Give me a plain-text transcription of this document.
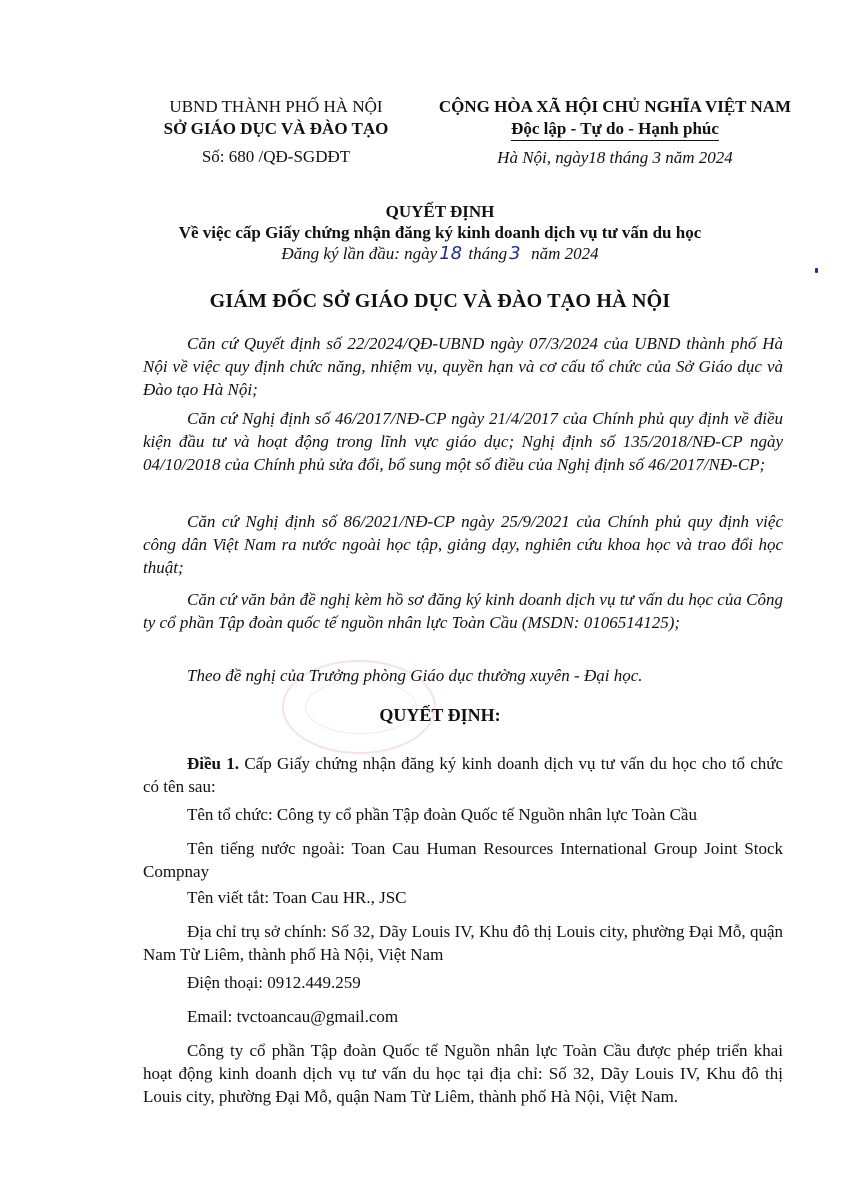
UBND THÀNH PHỐ HÀ NỘI
SỞ GIÁO DỤC VÀ ĐÀO TẠO
Số: 680 /QĐ-SGDĐT
CỘNG HÒA XÃ HỘI CHỦ NGHĨA VIỆT NAM
Độc lập - Tự do - Hạnh phúc
Hà Nội, ngày18 tháng 3 năm 2024
QUYẾT ĐỊNH
Về việc cấp Giấy chứng nhận đăng ký kinh doanh dịch vụ tư vấn du học
Đăng ký lần đầu: ngày 18 tháng 3 năm 2024
GIÁM ĐỐC SỞ GIÁO DỤC VÀ ĐÀO TẠO HÀ NỘI
Căn cứ Quyết định số 22/2024/QĐ-UBND ngày 07/3/2024 của UBND thành phố Hà Nội về việc quy định chức năng, nhiệm vụ, quyền hạn và cơ cấu tổ chức của Sở Giáo dục và Đào tạo Hà Nội;
Căn cứ Nghị định số 46/2017/NĐ-CP ngày 21/4/2017 của Chính phủ quy định về điều kiện đầu tư và hoạt động trong lĩnh vực giáo dục; Nghị định số 135/2018/NĐ-CP ngày 04/10/2018 của Chính phủ sửa đổi, bổ sung một số điều của Nghị định số 46/2017/NĐ-CP;
Căn cứ Nghị định số 86/2021/NĐ-CP ngày 25/9/2021 của Chính phủ quy định việc công dân Việt Nam ra nước ngoài học tập, giảng dạy, nghiên cứu khoa học và trao đổi học thuật;
Căn cứ văn bản đề nghị kèm hồ sơ đăng ký kinh doanh dịch vụ tư vấn du học của Công ty cổ phần Tập đoàn quốc tế nguồn nhân lực Toàn Cầu (MSDN: 0106514125);
Theo đề nghị của Trưởng phòng Giáo dục thường xuyên - Đại học.
QUYẾT ĐỊNH:
Điều 1. Cấp Giấy chứng nhận đăng ký kinh doanh dịch vụ tư vấn du học cho tổ chức có tên sau:
Tên tổ chức: Công ty cổ phần Tập đoàn Quốc tế Nguồn nhân lực Toàn Cầu
Tên tiếng nước ngoài: Toan Cau Human Resources International Group Joint Stock Compnay
Tên viết tắt: Toan Cau HR., JSC
Địa chỉ trụ sở chính: Số 32, Dãy Louis IV, Khu đô thị Louis city, phường Đại Mỗ, quận Nam Từ Liêm, thành phố Hà Nội, Việt Nam
Điện thoại: 0912.449.259
Email: tvctoancau@gmail.com
Công ty cổ phần Tập đoàn Quốc tế Nguồn nhân lực Toàn Cầu được phép triển khai hoạt động kinh doanh dịch vụ tư vấn du học tại địa chỉ: Số 32, Dãy Louis IV, Khu đô thị Louis city, phường Đại Mỗ, quận Nam Từ Liêm, thành phố Hà Nội, Việt Nam.
